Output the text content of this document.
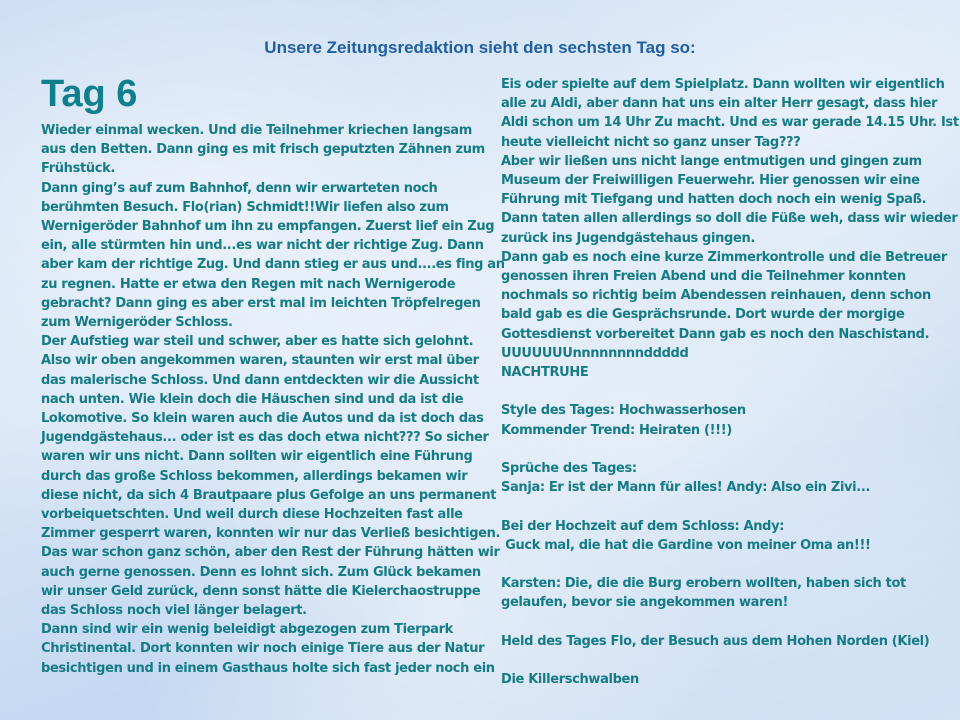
Unsere Zeitungsredaktion sieht den sechsten Tag so:
Tag 6

Wieder einmal wecken. Und die Teilnehmer kriechen langsam

aus den Betten. Dann ging es mit frisch geputzten Zähnen zum

Frühstück.

Dann ging’s auf zum Bahnhof, denn wir erwarteten noch

berühmten Besuch. Flo(rian) Schmidt!!Wir liefen also zum

Wernigeröder Bahnhof um ihn zu empfangen. Zuerst lief ein Zug

ein, alle stürmten hin und...es war nicht der richtige Zug. Dann

aber kam der richtige Zug. Und dann stieg er aus und....es fing an

zu regnen. Hatte er etwa den Regen mit nach Wernigerode

gebracht? Dann ging es aber erst mal im leichten Tröpfelregen

zum Wernigeröder Schloss.

Der Aufstieg war steil und schwer, aber es hatte sich gelohnt.

Also wir oben angekommen waren, staunten wir erst mal über

das malerische Schloss. Und dann entdeckten wir die Aussicht

nach unten. Wie klein doch die Häuschen sind und da ist die

Lokomotive. So klein waren auch die Autos und da ist doch das

Jugendgästehaus... oder ist es das doch etwa nicht??? So sicher

waren wir uns nicht. Dann sollten wir eigentlich eine Führung

durch das große Schloss bekommen, allerdings bekamen wir

diese nicht, da sich 4 Brautpaare plus Gefolge an uns permanent

vorbeiquetschten. Und weil durch diese Hochzeiten fast alle

Zimmer gesperrt waren, konnten wir nur das Verließ besichtigen.

Das war schon ganz schön, aber den Rest der Führung hätten wir

auch gerne genossen. Denn es lohnt sich. Zum Glück bekamen

wir unser Geld zurück, denn sonst hätte die Kielerchaostruppe

das Schloss noch viel länger belagert.

Dann sind wir ein wenig beleidigt abgezogen zum Tierpark

Christinental. Dort konnten wir noch einige Tiere aus der Natur

besichtigen und in einem Gasthaus holte sich fast jeder noch ein

Eis oder spielte auf dem Spielplatz. Dann wollten wir eigentlich

alle zu Aldi, aber dann hat uns ein alter Herr gesagt, dass hier

Aldi schon um 14 Uhr Zu macht. Und es war gerade 14.15 Uhr. Ist

heute vielleicht nicht so ganz unser Tag???

Aber wir ließen uns nicht lange entmutigen und gingen zum

Museum der Freiwilligen Feuerwehr. Hier genossen wir eine

Führung mit Tiefgang und hatten doch noch ein wenig Spaß.

Dann taten allen allerdings so doll die Füße weh, dass wir wieder

zurück ins Jugendgästehaus gingen.

Dann gab es noch eine kurze Zimmerkontrolle und die Betreuer

genossen ihren Freien Abend und die Teilnehmer konnten

nochmals so richtig beim Abendessen reinhauen, denn schon

bald gab es die Gesprächsrunde. Dort wurde der morgige

Gottesdienst vorbereitet Dann gab es noch den Naschistand.

UUUUUUUnnnnnnnnddddd

NACHTRUHE

Style des Tages: Hochwasserhosen

Kommender Trend: Heiraten (!!!)

Sprüche des Tages:

Sanja: Er ist der Mann für alles! Andy: Also ein Zivi...

Bei der Hochzeit auf dem Schloss: Andy:

Guck mal, die hat die Gardine von meiner Oma an!!!

Karsten: Die, die die Burg erobern wollten, haben sich tot

gelaufen, bevor sie angekommen waren!

Held des Tages Flo, der Besuch aus dem Hohen Norden (Kiel)

Die Killerschwalben
